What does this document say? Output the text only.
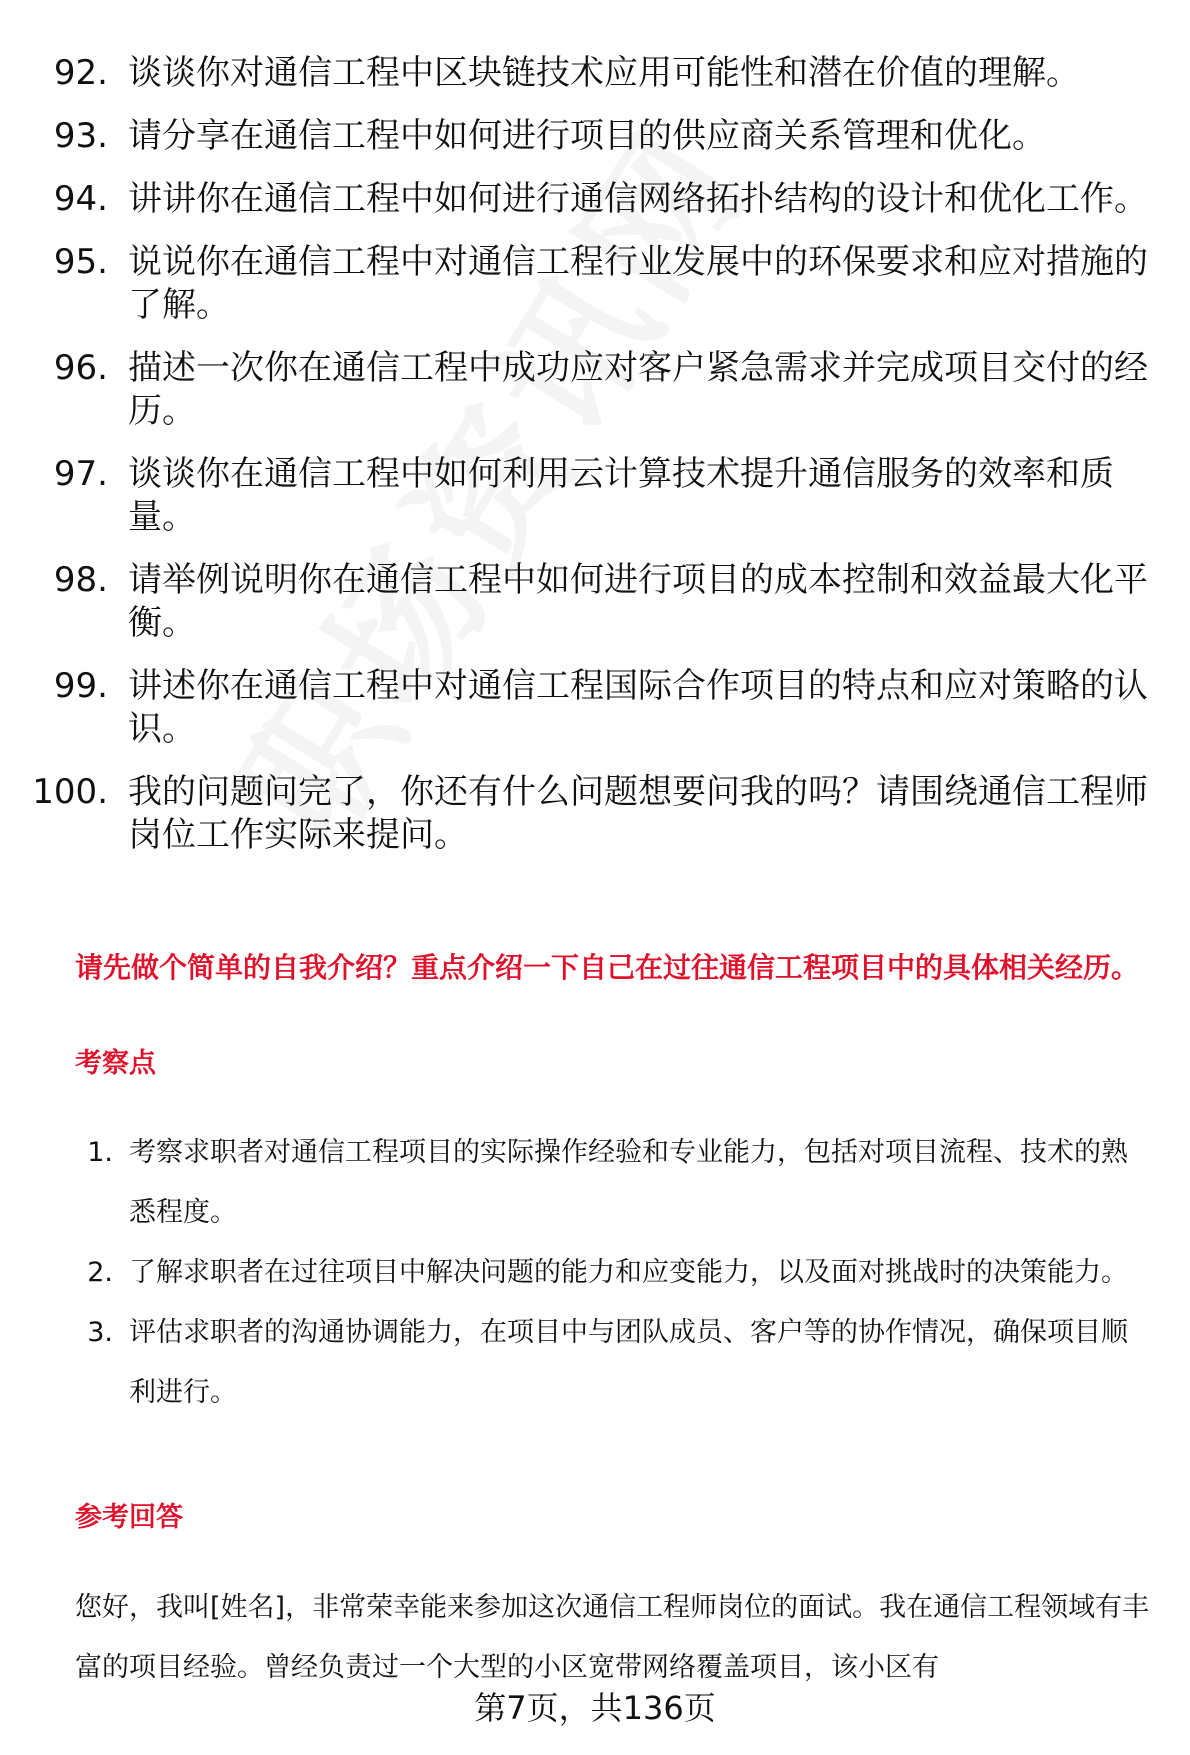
92. 谈谈你对通信工程中区块链技术应用可能性和潜在价值的理解。
93. 请分享在通信工程中如何进行项目的供应商关系管理和优化。
94. 讲讲你在通信工程中如何进行通信网络拓扑结构的设计和优化工作。
95. 说说你在通信工程中对通信工程行业发展中的环保要求和应对措施的了解。
96. 描述一次你在通信工程中成功应对客户紧急需求并完成项目交付的经历。
97. 谈谈你在通信工程中如何利用云计算技术提升通信服务的效率和质量。
98. 请举例说明你在通信工程中如何进行项目的成本控制和效益最大化平衡。
99. 讲述你在通信工程中对通信工程国际合作项目的特点和应对策略的认识。
100. 我的问题问完了，你还有什么问题想要问我的吗？请围绕通信工程师岗位工作实际来提问。
请先做个简单的自我介绍？重点介绍一下自己在过往通信工程项目中的具体相关经历。
考察点
1. 考察求职者对通信工程项目的实际操作经验和专业能力，包括对项目流程、技术的熟悉程度。
2. 了解求职者在过往项目中解决问题的能力和应变能力，以及面对挑战时的决策能力。
3. 评估求职者的沟通协调能力，在项目中与团队成员、客户等的协作情况，确保项目顺利进行。
参考回答
您好，我叫[姓名]，非常荣幸能来参加这次通信工程师岗位的面试。我在通信工程领域有丰富的项目经验。曾经负责过一个大型的小区宽带网络覆盖项目，该小区有
第7页，共136页
